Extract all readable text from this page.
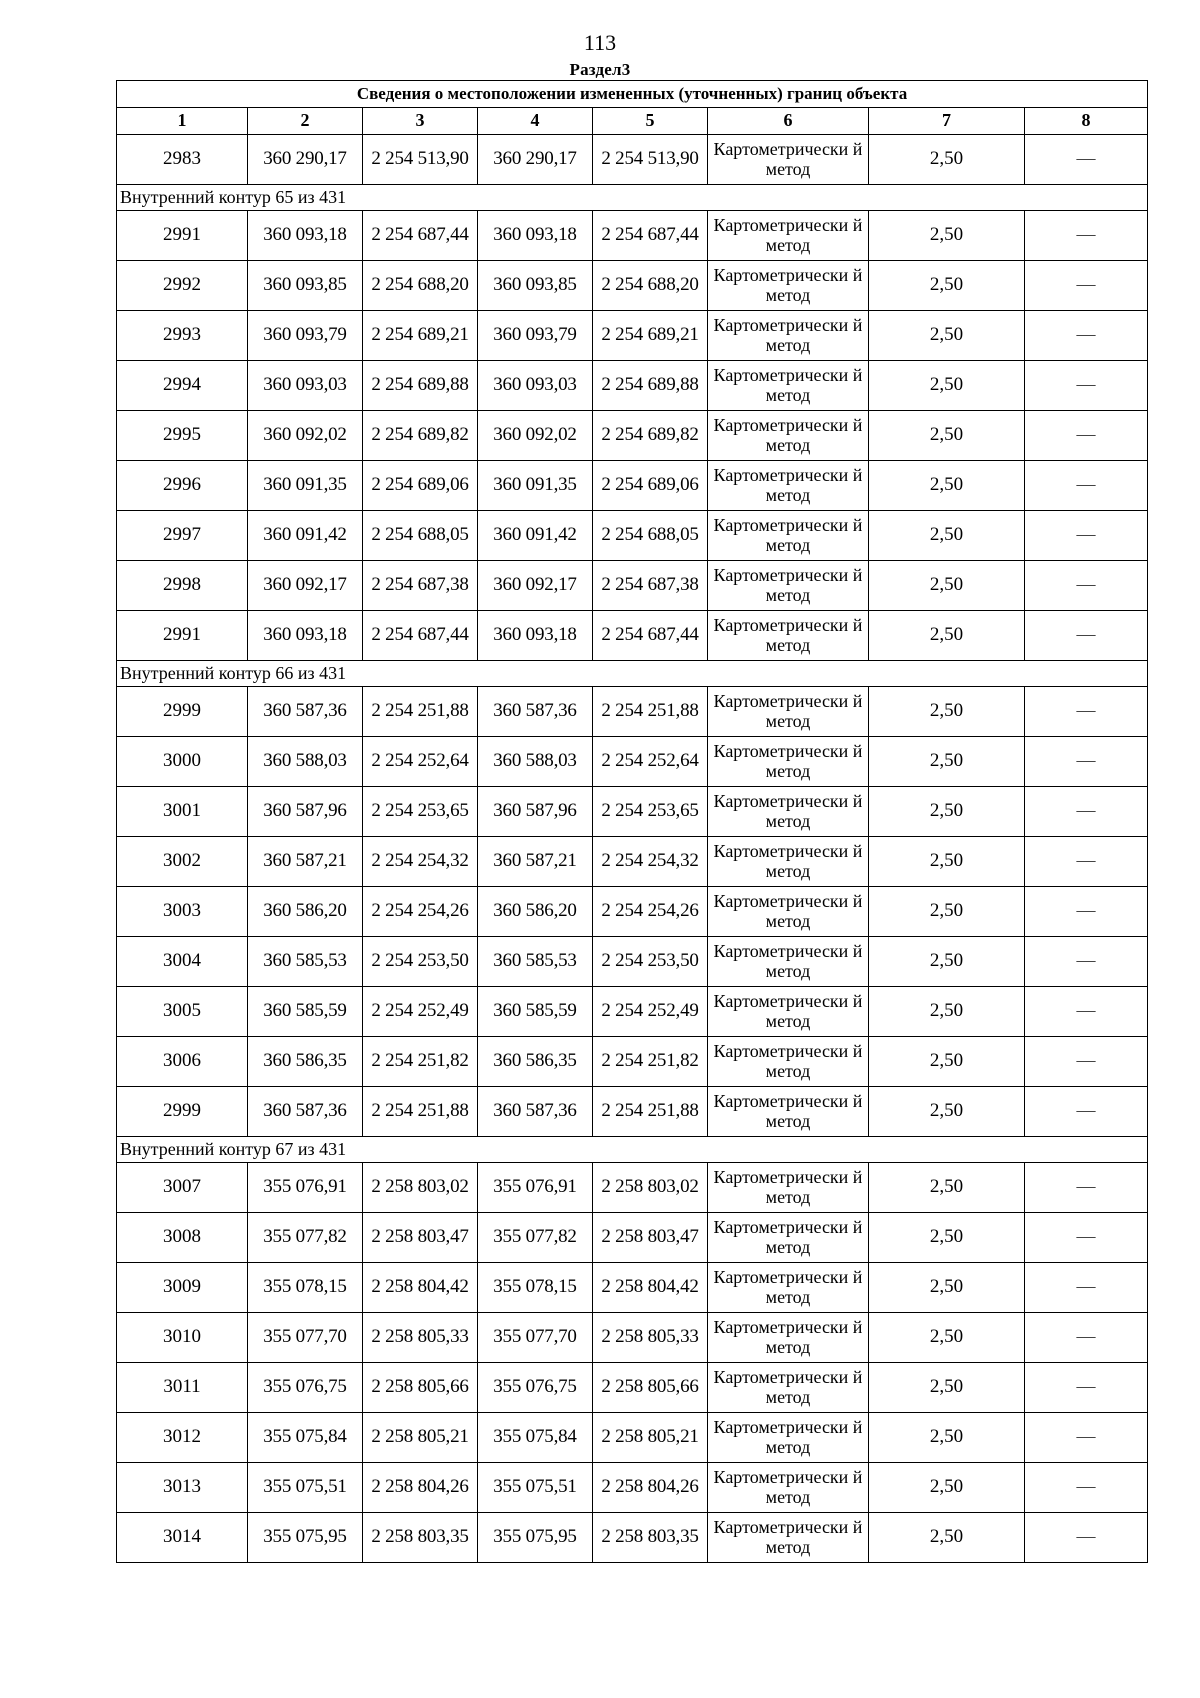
113
Раздел3
Сведения о местоположении измененных (уточненных) границ объекта							
1	2	3	4	5	6	7	8
2983	360 290,17	2 254 513,90	360 290,17	2 254 513,90	Картометрически й метод	2,50	—
Внутренний контур 65 из 431							
2991	360 093,18	2 254 687,44	360 093,18	2 254 687,44	Картометрически й метод	2,50	—
2992	360 093,85	2 254 688,20	360 093,85	2 254 688,20	Картометрически й метод	2,50	—
2993	360 093,79	2 254 689,21	360 093,79	2 254 689,21	Картометрически й метод	2,50	—
2994	360 093,03	2 254 689,88	360 093,03	2 254 689,88	Картометрически й метод	2,50	—
2995	360 092,02	2 254 689,82	360 092,02	2 254 689,82	Картометрически й метод	2,50	—
2996	360 091,35	2 254 689,06	360 091,35	2 254 689,06	Картометрически й метод	2,50	—
2997	360 091,42	2 254 688,05	360 091,42	2 254 688,05	Картометрически й метод	2,50	—
2998	360 092,17	2 254 687,38	360 092,17	2 254 687,38	Картометрически й метод	2,50	—
2991	360 093,18	2 254 687,44	360 093,18	2 254 687,44	Картометрически й метод	2,50	—
Внутренний контур 66 из 431							
2999	360 587,36	2 254 251,88	360 587,36	2 254 251,88	Картометрически й метод	2,50	—
3000	360 588,03	2 254 252,64	360 588,03	2 254 252,64	Картометрически й метод	2,50	—
3001	360 587,96	2 254 253,65	360 587,96	2 254 253,65	Картометрически й метод	2,50	—
3002	360 587,21	2 254 254,32	360 587,21	2 254 254,32	Картометрически й метод	2,50	—
3003	360 586,20	2 254 254,26	360 586,20	2 254 254,26	Картометрически й метод	2,50	—
3004	360 585,53	2 254 253,50	360 585,53	2 254 253,50	Картометрически й метод	2,50	—
3005	360 585,59	2 254 252,49	360 585,59	2 254 252,49	Картометрически й метод	2,50	—
3006	360 586,35	2 254 251,82	360 586,35	2 254 251,82	Картометрически й метод	2,50	—
2999	360 587,36	2 254 251,88	360 587,36	2 254 251,88	Картометрически й метод	2,50	—
Внутренний контур 67 из 431							
3007	355 076,91	2 258 803,02	355 076,91	2 258 803,02	Картометрически й метод	2,50	—
3008	355 077,82	2 258 803,47	355 077,82	2 258 803,47	Картометрически й метод	2,50	—
3009	355 078,15	2 258 804,42	355 078,15	2 258 804,42	Картометрически й метод	2,50	—
3010	355 077,70	2 258 805,33	355 077,70	2 258 805,33	Картометрически й метод	2,50	—
3011	355 076,75	2 258 805,66	355 076,75	2 258 805,66	Картометрически й метод	2,50	—
3012	355 075,84	2 258 805,21	355 075,84	2 258 805,21	Картометрически й метод	2,50	—
3013	355 075,51	2 258 804,26	355 075,51	2 258 804,26	Картометрически й метод	2,50	—
3014	355 075,95	2 258 803,35	355 075,95	2 258 803,35	Картометрически й метод	2,50	—
